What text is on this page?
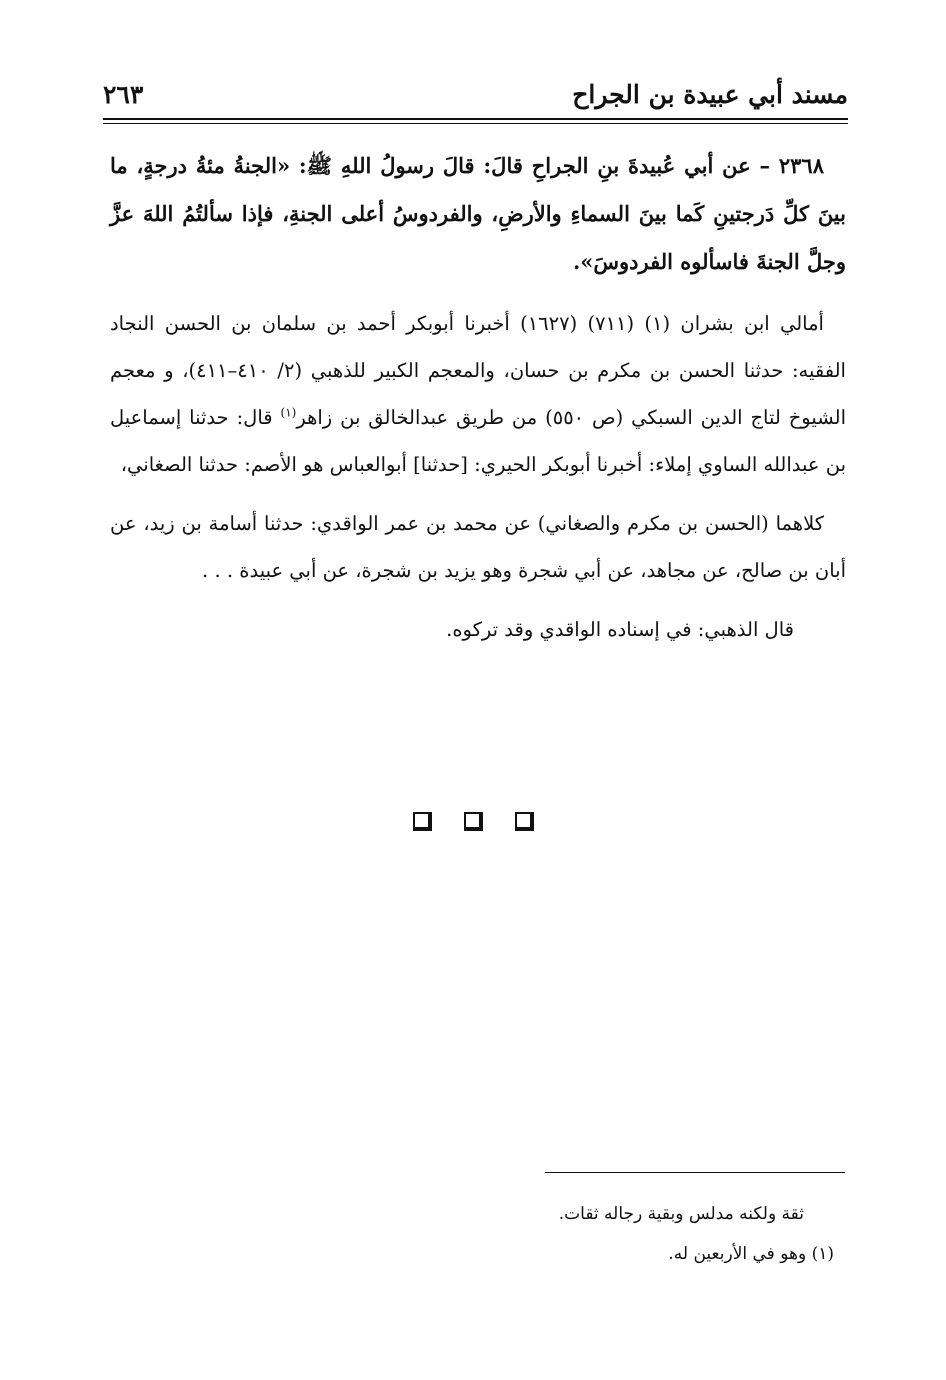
مسند أبي عبيدة بن الجراح
٢٦٣

٢٣٦٨ – عن أبي عُبيدةَ بنِ الجراحِ قالَ: قالَ رسولُ اللهِ ﷺ: «الجنةُ مئةُ درجةٍ، ما بينَ كلِّ دَرجتينِ كَما بينَ السماءِ والأرضِ، والفردوسُ أعلى الجنةِ، فإذا سألتُمُ اللهَ عزَّ وجلَّ الجنةَ فاسألوه الفردوسَ».

أمالي ابن بشران (١) (٧١١) (١٦٢٧) أخبرنا أبوبكر أحمد بن سلمان بن الحسن النجاد الفقيه: حدثنا الحسن بن مكرم بن حسان، والمعجم الكبير للذهبي (٢/ ٤١٠–٤١١)، و معجم الشيوخ لتاج الدين السبكي (ص ٥٥٠) من طريق عبدالخالق بن زاهر$^{(١)}$ قال: حدثنا إسماعيل بن عبدالله الساوي إملاء: أخبرنا أبوبكر الحيري: [حدثنا] أبوالعباس هو الأصم: حدثنا الصغاني،

كلاهما (الحسن بن مكرم والصغاني) عن محمد بن عمر الواقدي: حدثنا أسامة بن زيد، عن أبان بن صالح، عن مجاهد، عن أبي شجرة وهو يزيد بن شجرة، عن أبي عبيدة . . .

قال الذهبي: في إسناده الواقدي وقد تركوه.

ثقة ولكنه مدلس وبقية رجاله ثقات.
(١) وهو في الأربعين له.
